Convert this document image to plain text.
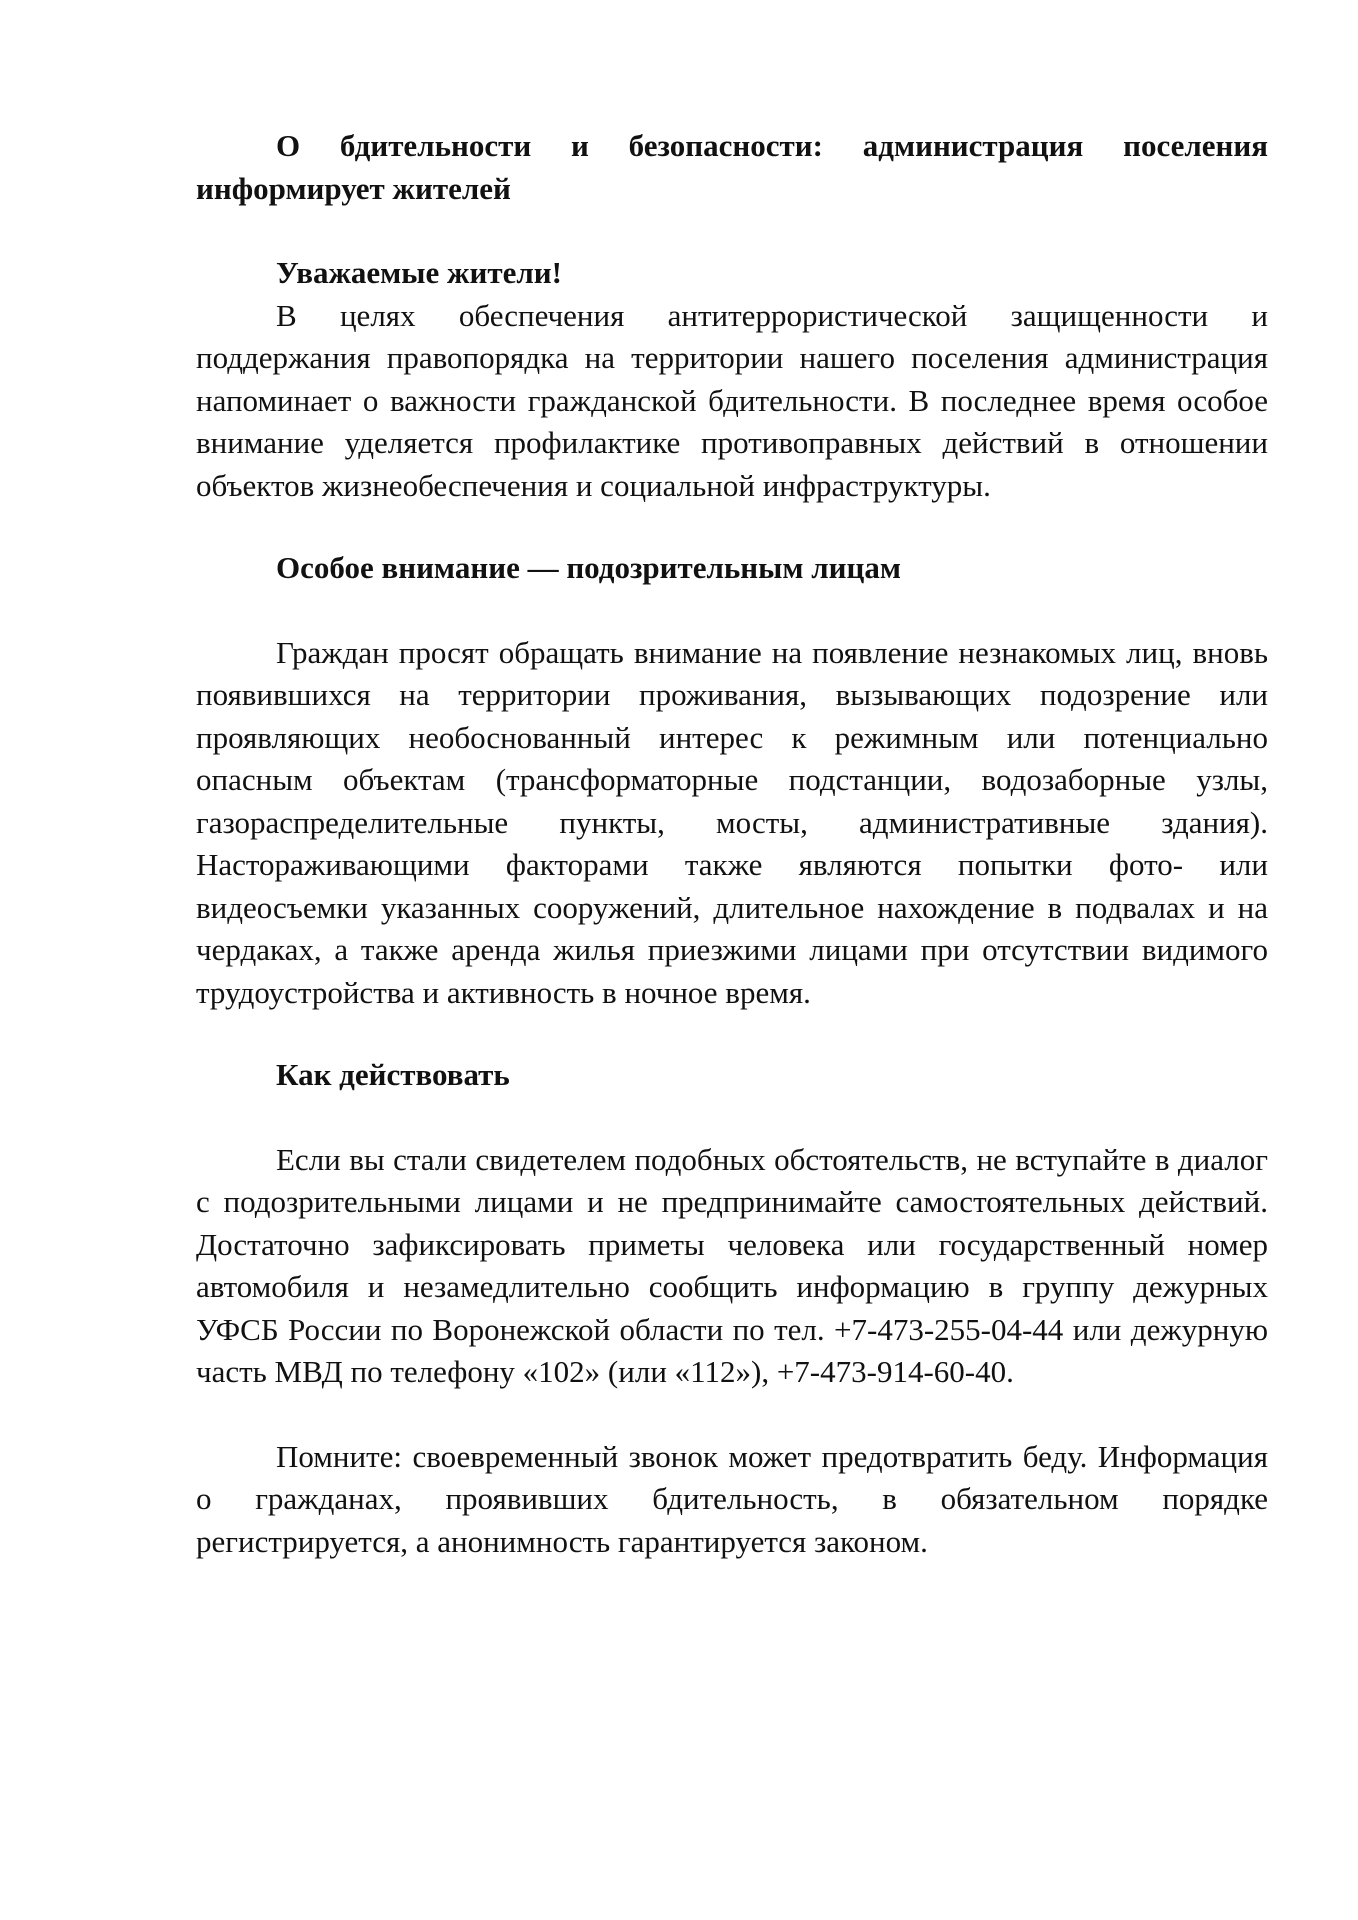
О бдительности и безопасности: администрация поселения информирует жителей

Уважаемые жители!

В целях обеспечения антитеррористической защищенности и поддержания правопорядка на территории нашего поселения администрация напоминает о важности гражданской бдительности. В последнее время особое внимание уделяется профилактике противоправных действий в отношении объектов жизнеобеспечения и социальной инфраструктуры.

Особое внимание — подозрительным лицам

Граждан просят обращать внимание на появление незнакомых лиц, вновь появившихся на территории проживания, вызывающих подозрение или проявляющих необоснованный интерес к режимным или потенциально опасным объектам (трансформаторные подстанции, водозаборные узлы, газораспределительные пункты, мосты, административные здания). Настораживающими факторами также являются попытки фото- или видеосъемки указанных сооружений, длительное нахождение в подвалах и на чердаках, а также аренда жилья приезжими лицами при отсутствии видимого трудоустройства и активность в ночное время.

Как действовать

Если вы стали свидетелем подобных обстоятельств, не вступайте в диалог с подозрительными лицами и не предпринимайте самостоятельных действий. Достаточно зафиксировать приметы человека или государственный номер автомобиля и незамедлительно сообщить информацию в группу дежурных УФСБ России по Воронежской области по тел. +7-473-255-04-44 или дежурную часть МВД по телефону «102» (или «112»), +7-473-914-60-40.

Помните: своевременный звонок может предотвратить беду. Информация о гражданах, проявивших бдительность, в обязательном порядке регистрируется, а анонимность гарантируется законом.
